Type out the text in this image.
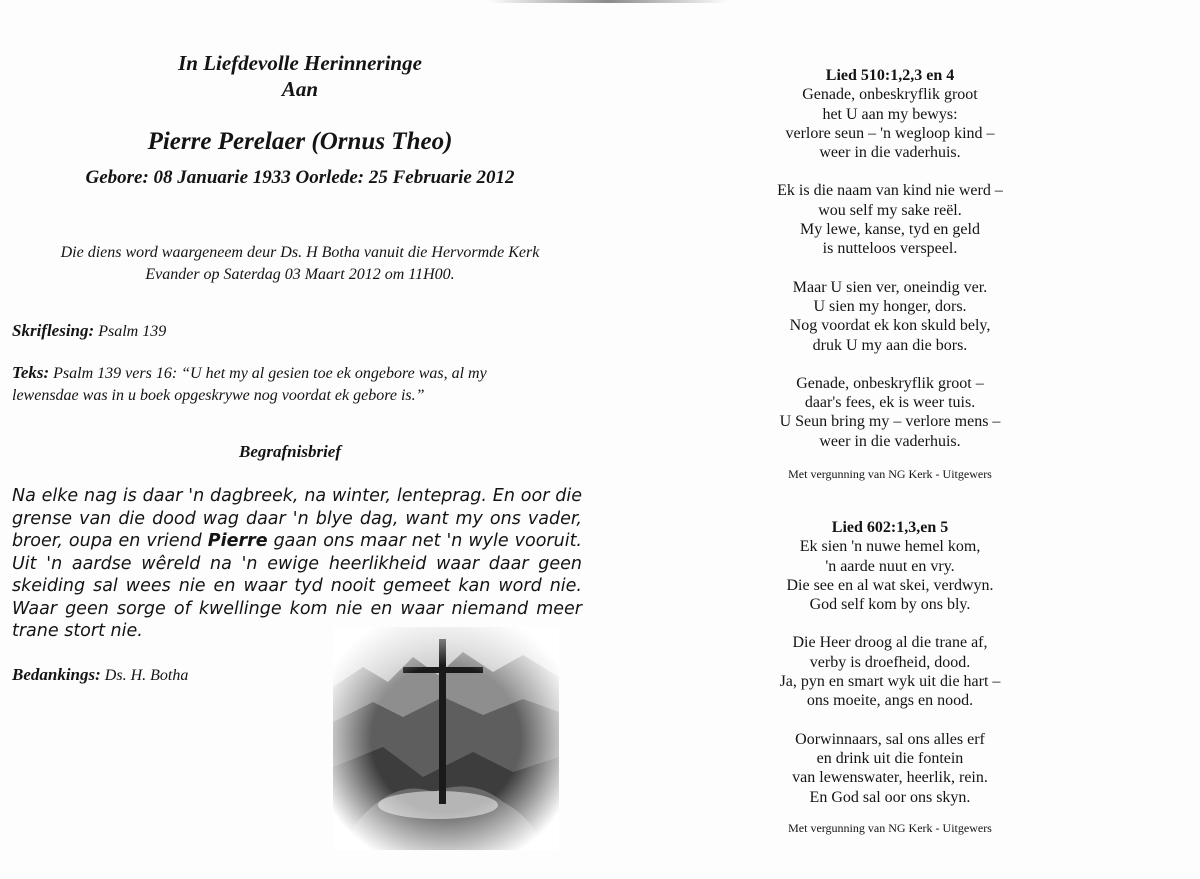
In Liefdevolle Herinneringe
Aan
Pierre Perelaer (Ornus Theo)
Gebore: 08 Januarie 1933 Oorlede: 25 Februarie 2012
Die diens word waargeneem deur Ds. H Botha vanuit die Hervormde Kerk
Evander op Saterdag 03 Maart 2012 om 11H00.
Skriflesing: Psalm 139
Teks: Psalm 139 vers 16: “U het my al gesien toe ek ongebore was, al my
lewensdae was in u boek opgeskrywe nog voordat ek gebore is.”
Begrafnisbrief
Na elke nag is daar 'n dagbreek, na winter, lenteprag. En oor die grense van die dood wag daar 'n blye dag, want my ons vader, broer, oupa en vriend Pierre gaan ons maar net 'n wyle vooruit. Uit 'n aardse wêreld na 'n ewige heerlikheid waar daar geen skeiding sal wees nie en waar tyd nooit gemeet kan word nie. Waar geen sorge of kwellinge kom nie en waar niemand meer trane stort nie.
Bedankings: Ds. H. Botha
Lied 510:1,2,3 en 4
Genade, onbeskryflik groot
het U aan my bewys:
verlore seun – 'n wegloop kind –
weer in die vaderhuis.
Ek is die naam van kind nie werd –
wou self my sake reël.
My lewe, kanse, tyd en geld
is nutteloos verspeel.
Maar U sien ver, oneindig ver.
U sien my honger, dors.
Nog voordat ek kon skuld bely,
druk U my aan die bors.
Genade, onbeskryflik groot –
daar's fees, ek is weer tuis.
U Seun bring my – verlore mens –
weer in die vaderhuis.
Met vergunning van NG Kerk - Uitgewers
Lied 602:1,3,en 5
Ek sien 'n nuwe hemel kom,
'n aarde nuut en vry.
Die see en al wat skei, verdwyn.
God self kom by ons bly.
Die Heer droog al die trane af,
verby is droefheid, dood.
Ja, pyn en smart wyk uit die hart –
ons moeite, angs en nood.
Oorwinnaars, sal ons alles erf
en drink uit die fontein
van lewenswater, heerlik, rein.
En God sal oor ons skyn.
Met vergunning van NG Kerk - Uitgewers
